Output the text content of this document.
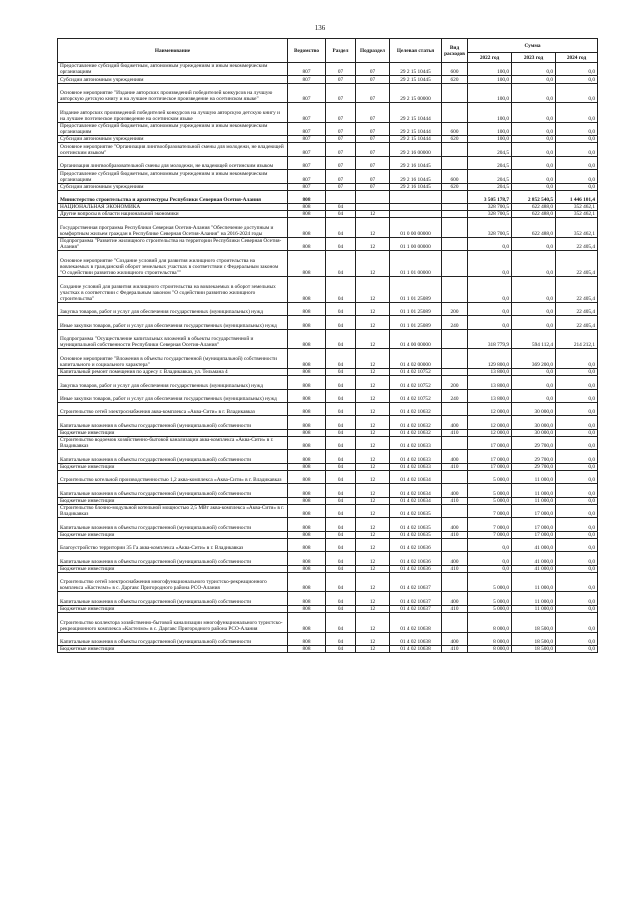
136
Наименование	Ведомство	Раздел	Подраздел	Целевая статья	Вид расходов	Сумма		
						2022 год	2023 год	2024 год
Предоставление субсидий бюджетным, автономным учреждениям и иным некоммерческим организациям	807	07	07	29 2 15 10445	600	100,0	0,0	0,0
Субсидии автономным учреждениям	807	07	07	29 2 15 10445	620	100,0	0,0	0,0
Основное мероприятие "Издание авторских произведений победителей конкурсов на лучшую авторскую детскую книгу и на лучшее поэтическое произведение на осетинском языке"	807	07	07	29 2 15 00000		100,0	0,0	0,0
Издание авторских произведений победителей конкурсов на лучшую авторскую детскую книгу и на лучшее поэтическое произведение на осетинском языке	807	07	07	29 2 15 10444		100,0	0,0	0,0
Предоставление субсидий бюджетным, автономным учреждениям и иным некоммерческим организациям	807	07	07	29 2 15 10444	600	100,0	0,0	0,0
Субсидии автономным учреждениям	807	07	07	29 2 15 10444	620	100,0	0,0	0,0
Основное мероприятие "Организация лингвообразовательной смены для молодежи, не владеющей осетинским языком"	807	07	07	29 2 16 00000		204,5	0,0	0,0
Организация лингвообразовательной смены для молодежи, не владеющей осетинским языком	807	07	07	29 2 16 10445		204,5	0,0	0,0
Предоставление субсидий бюджетным, автономным учреждениям и иным некоммерческим организациям	807	07	07	29 2 16 10445	600	204,5	0,0	0,0
Субсидии автономным учреждениям	807	07	07	29 2 16 10445	620	204,5	0,0	0,0
Министерство строительства и архитектуры Республики Северная Осетия-Алания	808					3 505 178,7	2 852 540,5	1 446 101,4
НАЦИОНАЛЬНАЯ ЭКОНОМИКА	808	04				328 700,5	622 488,0	352 462,1
Другие вопросы в области национальной экономики	808	04	12			328 700,5	622 488,0	352 462,1
Государственная программа Республики Северная Осетия-Алания "Обеспечение доступным и комфортным жильем граждан в Республике Северная Осетия-Алания" на 2016-2024 годы	808	04	12	01 0 00 00000		328 700,5	622 488,0	352 462,1
Подпрограмма "Развитие жилищного строительства на территории Республики Северная Осетия-Алания"	808	04	12	01 1 00 00000		0,0	0,0	22 405,4
Основное мероприятие "Создание условий для развития жилищного строительства на вовлекаемых в гражданский оборот земельных участках в соответствии с Федеральным законом "О содействии развитию жилищного строительства""	808	04	12	01 1 01 00000		0,0	0,0	22 405,4
Создание условий для развития жилищного строительства на вовлекаемых в оборот земельных участках в соответствии с Федеральным законом "О содействии развитию жилищного строительства"	808	04	12	01 1 01 25089		0,0	0,0	22 405,4
Закупка товаров, работ и услуг для обеспечения государственных (муниципальных) нужд	808	04	12	01 1 01 25089	200	0,0	0,0	22 405,4
Иные закупки товаров, работ и услуг для обеспечения государственных (муниципальных) нужд	808	04	12	01 1 01 25089	240	0,0	0,0	22 405,4
Подпрограмма "Осуществление капитальных вложений в объекты государственной и муниципальной собственности Республики Северная Осетия-Алания"	808	04	12	01 4 00 00000		318 779,9	594 112,4	214 212,1
Основное мероприятие "Вложения в объекты государственной (муниципальной) собственности капитального и социального характера"	808	04	12	01 4 02 00000		129 800,0	369 200,0	0,0
Капитальный ремонт помещения по адресу г. Владикавказ, ул. Тельмана 4	808	04	12	01 4 02 10752		13 800,0	0,0	0,0
Закупка товаров, работ и услуг для обеспечения государственных (муниципальных) нужд	808	04	12	01 4 02 10752	200	13 800,0	0,0	0,0
Иные закупки товаров, работ и услуг для обеспечения государственных (муниципальных) нужд	808	04	12	01 4 02 10752	240	13 800,0	0,0	0,0
Строительство сетей электроснабжения аква-комплекса «Аква-Сити» в г. Владикавказ	808	04	12	01 4 02 10632		12 000,0	30 000,0	0,0
Капитальные вложения в объекты государственной (муниципальной) собственности	808	04	12	01 4 02 10632	400	12 000,0	30 000,0	0,0
Бюджетные инвестиции	808	04	12	01 4 02 10632	410	12 000,0	30 000,0	0,0
Строительство водоемов хозяйственно-бытовой канализации аква-комплекса «Аква-Сити» в г. Владикавказ	808	04	12	01 4 02 10633		17 000,0	29 700,0	0,0
Капитальные вложения в объекты государственной (муниципальной) собственности	808	04	12	01 4 02 10633	400	17 000,0	29 700,0	0,0
Бюджетные инвестиции	808	04	12	01 4 02 10633	410	17 000,0	29 700,0	0,0
Строительство котельной производственностью 1,2 аква-комплекса «Аква-Сити» в г. Владикавказ	808	04	12	01 4 02 10634		5 000,0	11 000,0	0,0
Капитальные вложения в объекты государственной (муниципальной) собственности	808	04	12	01 4 02 10634	400	5 000,0	11 000,0	0,0
Бюджетные инвестиции	808	04	12	01 4 02 10634	410	5 000,0	11 000,0	0,0
Строительство блочно-модульной котельной мощностью 2,5 МВт аква-комплекса «Аква-Сити» в г. Владикавказ	808	04	12	01 4 02 10635		7 000,0	17 000,0	0,0
Капитальные вложения в объекты государственной (муниципальной) собственности	808	04	12	01 4 02 10635	400	7 000,0	17 000,0	0,0
Бюджетные инвестиции	808	04	12	01 4 02 10635	410	7 000,0	17 000,0	0,0
Благоустройство территории 35 Га аква-комплекса «Аква-Сити» в г. Владикавказ	808	04	12	01 4 02 10636		0,0	41 000,0	0,0
Капитальные вложения в объекты государственной (муниципальной) собственности	808	04	12	01 4 02 10636	400	0,0	41 000,0	0,0
Бюджетные инвестиции	808	04	12	01 4 02 10636	410	0,0	41 000,0	0,0
Строительство сетей электроснабжения многофункционального туристско-рекреационного комплекса «Кастелмэ» в с. Даргавс Пригородного района РСО-Алания	808	04	12	01 4 02 10637		5 000,0	11 000,0	0,0
Капитальные вложения в объекты государственной (муниципальной) собственности	808	04	12	01 4 02 10637	400	5 000,0	11 000,0	0,0
Бюджетные инвестиции	808	04	12	01 4 02 10637	410	5 000,0	11 000,0	0,0
Строительство коллектора хозяйственно-бытовой канализации многофункционального туристско-рекреационного комплекса «Кастелмэ» в с. Даргавс Пригородного района РСО-Алания	808	04	12	01 4 02 10638		8 000,0	18 500,0	0,0
Капитальные вложения в объекты государственной (муниципальной) собственности	808	04	12	01 4 02 10638	400	8 000,0	18 500,0	0,0
Бюджетные инвестиции	808	04	12	01 4 02 10638	410	8 000,0	18 500,0	0,0
